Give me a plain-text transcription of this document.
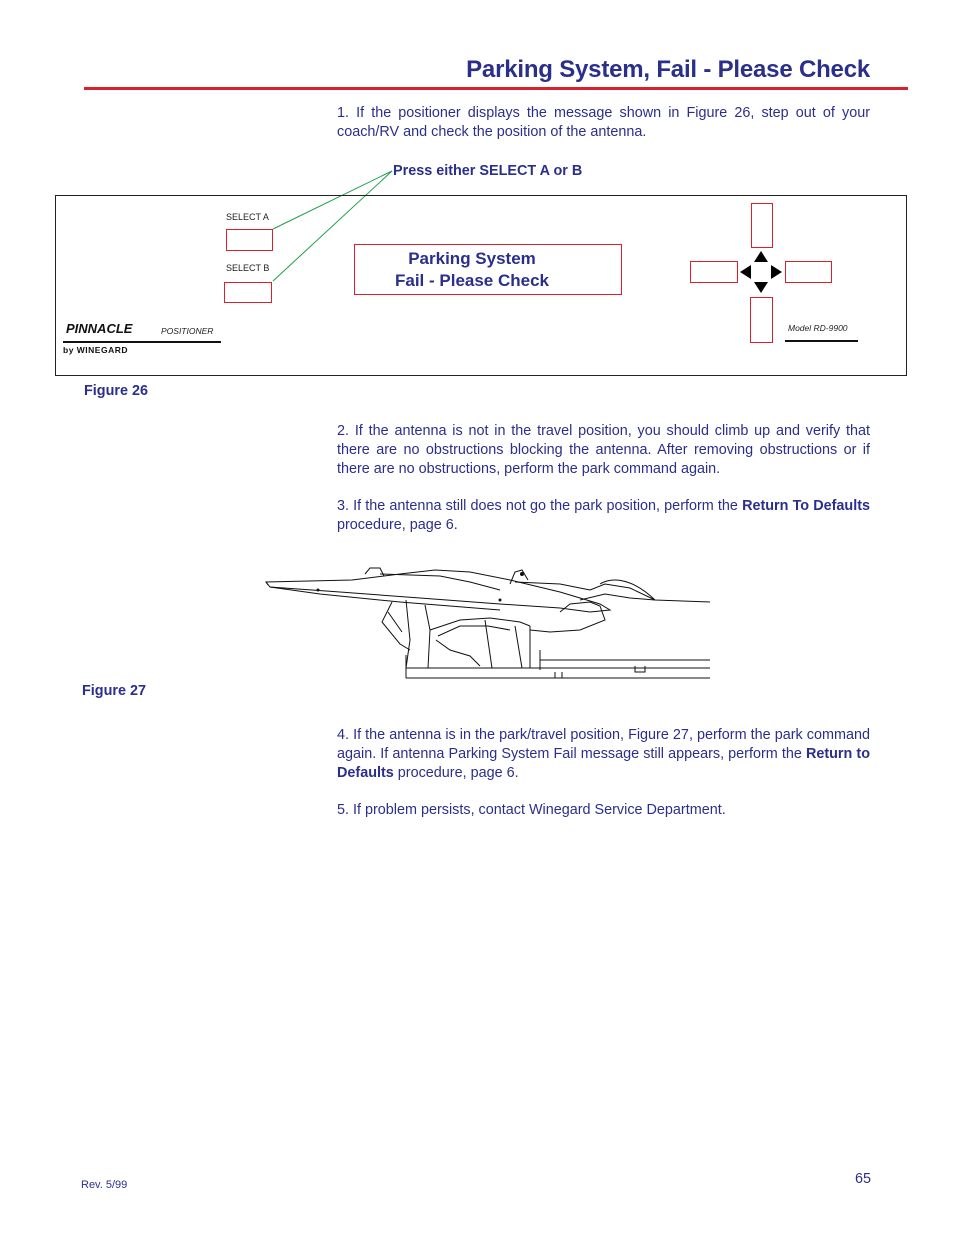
Parking System, Fail - Please Check
1. If the positioner displays the message shown in Figure 26, step out of your coach/RV and check the position of the antenna.
Press either SELECT A or B
SELECT A
SELECT B	Parking System
Fail - Please Check
PINNACLE	POSITIONER
by WINEGARD
Model RD-9900
Figure 26
2. If the antenna is not in the travel position, you should climb up and verify that there are no obstructions blocking the antenna. After removing obstructions or if there are no obstructions, perform the park command again.
3. If the antenna still does not go the park position, perform the Return To Defaults procedure, page 6.
Figure 27
4. If the antenna is in the park/travel position, Figure 27, perform the park command again. If antenna Parking System Fail message still appears, perform the Return to Defaults procedure, page 6.
5. If problem persists, contact Winegard Service Department.
Rev. 5/99	65
